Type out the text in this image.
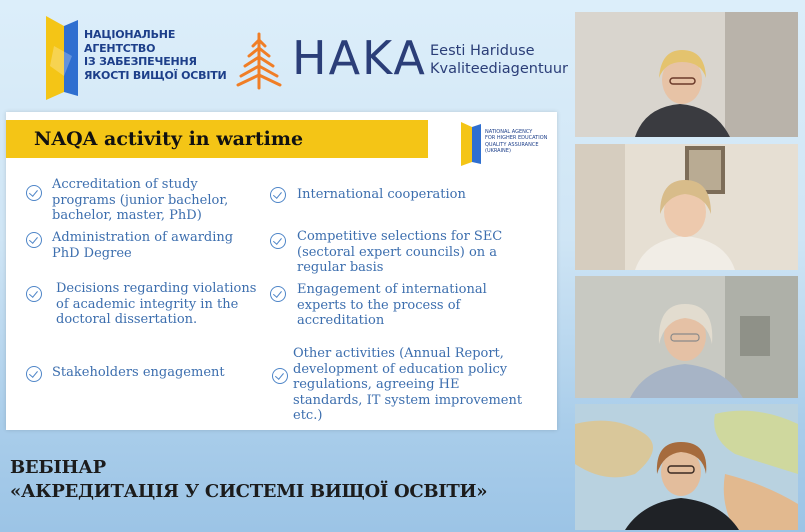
НАЦІОНАЛЬНЕ
АГЕНТСТВО
ІЗ ЗАБЕЗПЕЧЕННЯ
ЯКОСТІ ВИЩОЇ ОСВІТИ HAKA Eesti Hariduse
Kvaliteediagentuur
NAQA activity in wartime	NATIONAL AGENCY
FOR HIGHER EDUCATION
QUALITY ASSURANCE
(UKRAINE)
Accreditation of study
programs (junior bachelor,
bachelor, master, PhD)
Administration of awarding
PhD Degree
Decisions regarding violations
of academic integrity in the
doctoral dissertation.
Stakeholders engagement
International cooperation
Competitive selections for SEC
(sectoral expert councils) on a
regular basis
Engagement of international
experts to the process of
accreditation
Other activities (Annual Report,
development of education policy
regulations, agreeing HE
standards, IT system improvement
etc.)
ВЕБІНАР
«АКРЕДИТАЦІЯ У СИСТЕМІ ВИЩОЇ ОСВІТИ»
